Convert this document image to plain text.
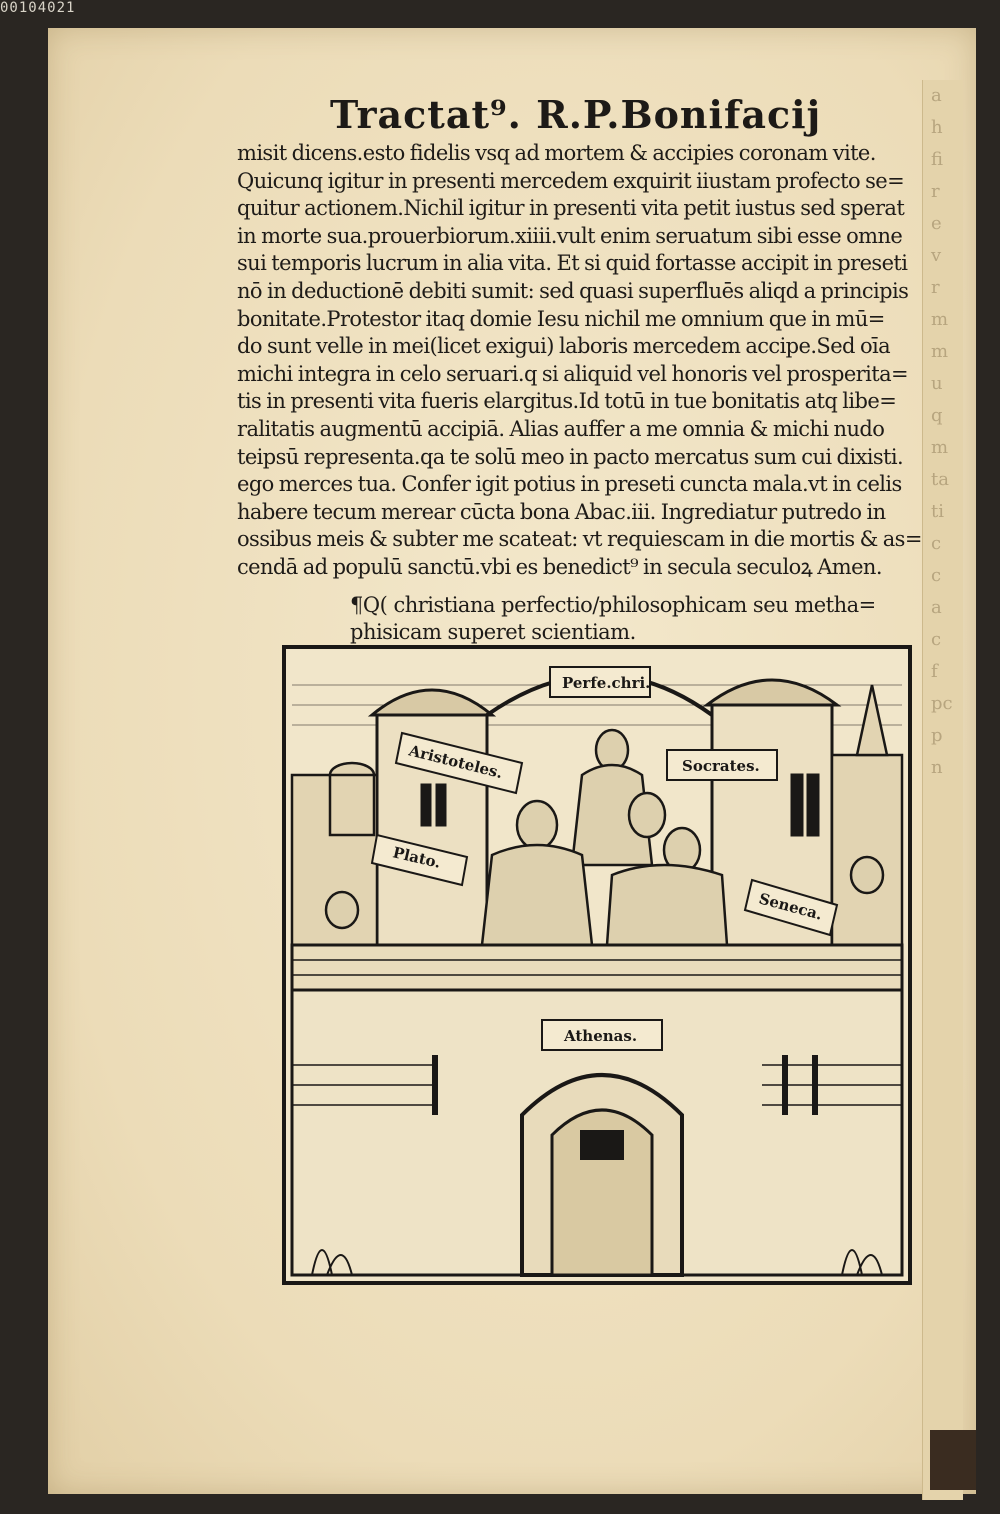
00104021
a
h
fi
r
e
v
r
m
m
u
q
m
ta
ti
c
c
a
c
f
pc
p
n
Tractat⁹. R.P.Bonifacij
misit dicens.esto fidelis vsq ad mortem & accipies coronam vite.
Quicunq igitur in presenti mercedem exquirit iiustam profecto se=
quitur actionem.Nichil igitur in presenti vita petit iustus sed sperat
in morte sua.prouerbiorum.xiiii.vult enim seruatum sibi esse omne
sui temporis lucrum in alia vita. Et si quid fortasse accipit in preseti
nō in deductionē debiti sumit: sed quasi superfluēs aliqd a principis
bonitate.Protestor itaq domie Iesu nichil me omnium que in mū=
do sunt velle in mei(licet exigui) laboris mercedem accipe.Sed oīa
michi integra in celo seruari.q si aliquid vel honoris vel prosperita=
tis in presenti vita fueris elargitus.Id totū in tue bonitatis atq libe=
ralitatis augmentū accipiā. Alias auffer a me omnia & michi nudo
teipsū representa.qa te solū meo in pacto mercatus sum cui dixisti.
ego merces tua. Confer igit potius in preseti cuncta mala.vt in celis
habere tecum merear cūcta bona Abac.iii. Ingrediatur putredo in
ossibus meis & subter me scateat: vt requiescam in die mortis & as=
cendā ad populū sanctū.vbi es benedict⁹ in secula seculoꝝ Amen.
¶Q( christiana perfectio/philosophicam seu metha=
phisicam superet scientiam.
Perfe.chri.
Aristoteles.	Socrates.
Plato.
Seneca.
Athenas.
